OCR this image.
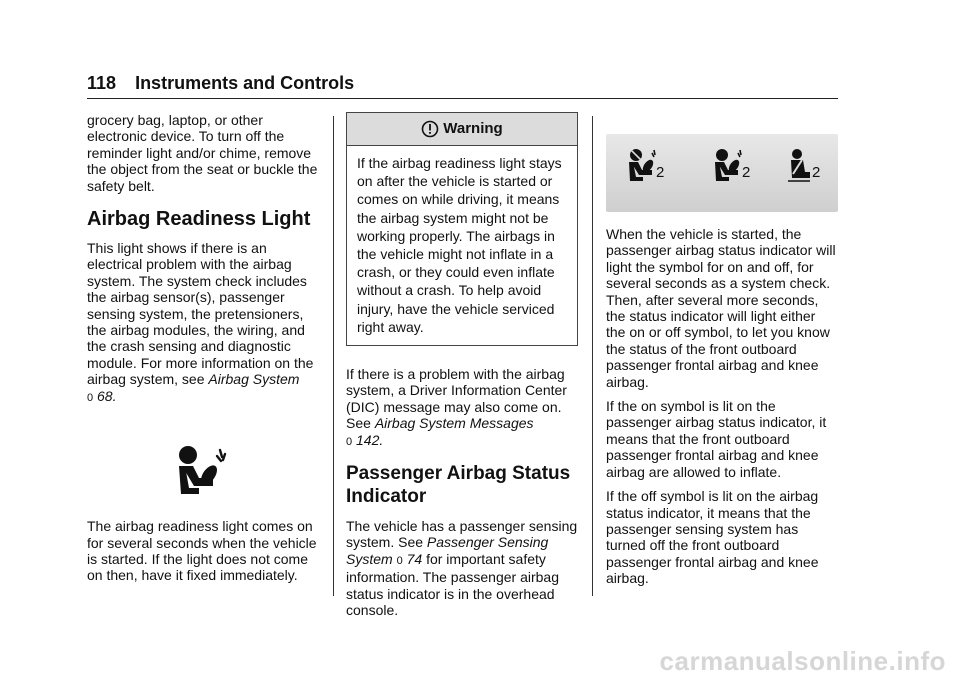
118 Instruments and Controls

grocery bag, laptop, or other electronic device. To turn off the reminder light and/or chime, remove the object from the seat or buckle the safety belt.

Airbag Readiness Light

This light shows if there is an electrical problem with the airbag system. The system check includes the airbag sensor(s), passenger sensing system, the pretensioners, the airbag modules, the wiring, and the crash sensing and diagnostic module. For more information on the airbag system, see Airbag System
0 68.

The airbag readiness light comes on for several seconds when the vehicle is started. If the light does not come on then, have it fixed immediately.

Warning
If the airbag readiness light stays on after the vehicle is started or comes on while driving, it means the airbag system might not be working properly. The airbags in the vehicle might not inflate in a crash, or they could even inflate without a crash. To help avoid injury, have the vehicle serviced right away.

If there is a problem with the airbag system, a Driver Information Center (DIC) message may also come on. See Airbag System Messages
0 142.

Passenger Airbag Status Indicator

The vehicle has a passenger sensing system. See Passenger Sensing System 0 74 for important safety information. The passenger airbag status indicator is in the overhead console.

2	2	2

When the vehicle is started, the passenger airbag status indicator will light the symbol for on and off, for several seconds as a system check. Then, after several more seconds, the status indicator will light either the on or off symbol, to let you know the status of the front outboard passenger frontal airbag and knee airbag.

If the on symbol is lit on the passenger airbag status indicator, it means that the front outboard passenger frontal airbag and knee airbag are allowed to inflate.

If the off symbol is lit on the airbag status indicator, it means that the passenger sensing system has turned off the front outboard passenger frontal airbag and knee airbag.

carmanualsonline.info
